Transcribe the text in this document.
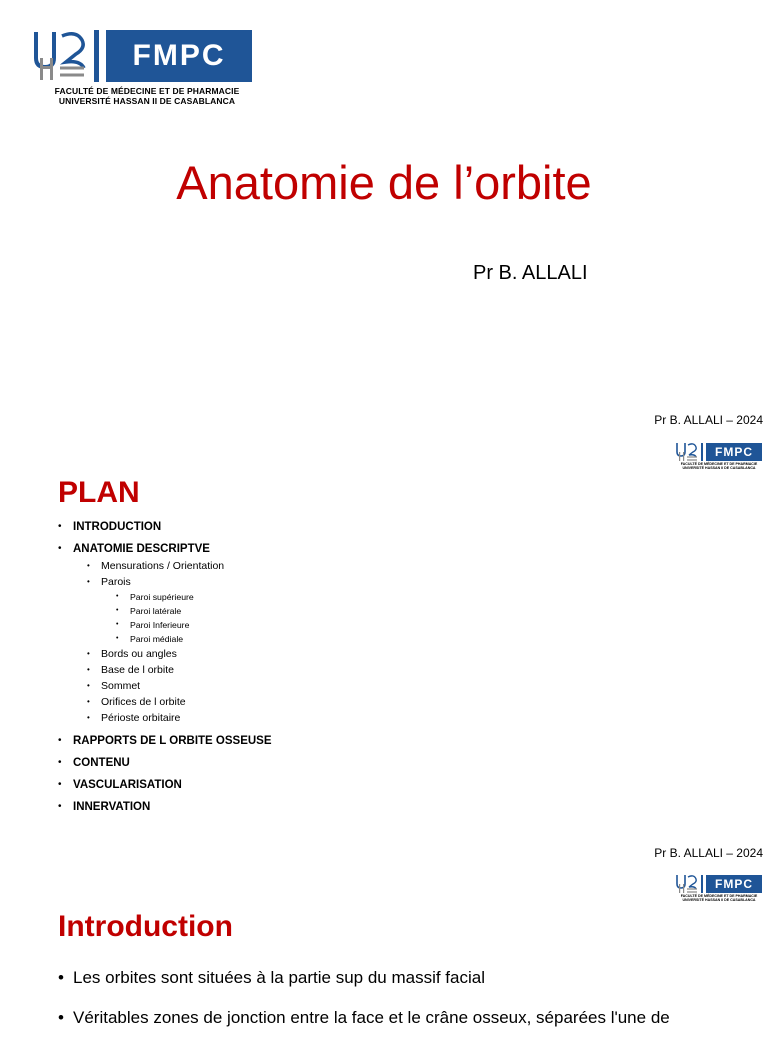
FMPC
FACULTÉ DE MÉDECINE ET DE PHARMACIE
UNIVERSITÉ HASSAN II DE CASABLANCA
Anatomie de l’orbite
Pr B. ALLALI
Pr B. ALLALI – 2024
FMPC
FACULTÉ DE MÉDECINE ET DE PHARMACIE
UNIVERSITÉ HASSAN II DE CASABLANCA
PLAN
• INTRODUCTION
• ANATOMIE DESCRIPTVE
• Mensurations / Orientation
• Parois
• Paroi supérieure
• Paroi latérale
• Paroi Inferieure
• Paroi médiale
• Bords ou angles
• Base de l orbite
• Sommet
• Orifices de l orbite
• Périoste orbitaire
• RAPPORTS DE L ORBITE OSSEUSE
• CONTENU
• VASCULARISATION
• INNERVATION
Pr B. ALLALI – 2024
FMPC
FACULTÉ DE MÉDECINE ET DE PHARMACIE
UNIVERSITÉ HASSAN II DE CASABLANCA
Introduction
• Les orbites sont situées à la partie sup du massif facial
• Véritables zones de jonction entre la face et le crâne osseux, séparées l'une de
